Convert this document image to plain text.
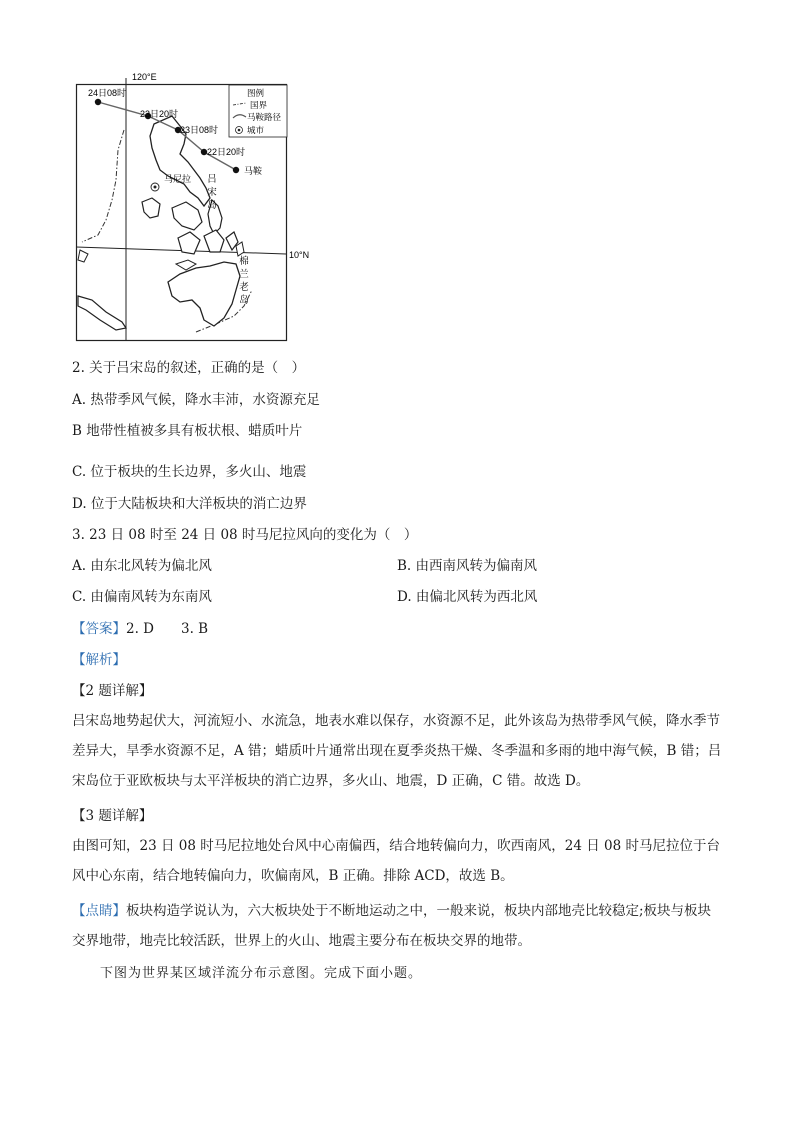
120°E
10°N
图例
国界
马鞍路径
城市
24日08时
23日20时
23日08时
22日20时
马鞍
马尼拉 吕
宋
岛
棉
兰
老
岛
2. 关于吕宋岛的叙述，正确的是（　）
A. 热带季风气候，降水丰沛，水资源充足
B 地带性植被多具有板状根、蜡质叶片
C. 位于板块的生长边界，多火山、地震
D. 位于大陆板块和大洋板块的消亡边界
3. 23 日 08 时至 24 日 08 时马尼拉风向的变化为（　）
A. 由东北风转为偏北风
C. 由偏南风转为东南风
【答案】2. D　　3. B
【解析】
【2 题详解】
【3 题详解】
B. 由西南风转为偏南风
D. 由偏北风转为西北风
吕宋岛地势起伏大，河流短小、水流急，地表水难以保存，水资源不足，此外该岛为热带季风气候，降水季节差异大，旱季水资源不足，A 错；蜡质叶片通常出现在夏季炎热干燥、冬季温和多雨的地中海气候，B 错；吕宋岛位于亚欧板块与太平洋板块的消亡边界，多火山、地震，D 正确，C 错。故选 D。
由图可知，23 日 08 时马尼拉地处台风中心南偏西，结合地转偏向力，吹西南风，24 日 08 时马尼拉位于台风中心东南，结合地转偏向力，吹偏南风，B 正确。排除 ACD，故选 B。
【点睛】板块构造学说认为，六大板块处于不断地运动之中，一般来说，板块内部地壳比较稳定;板块与板块交界地带，地壳比较活跃，世界上的火山、地震主要分布在板块交界的地带。
下图为世界某区域洋流分布示意图。完成下面小题。
